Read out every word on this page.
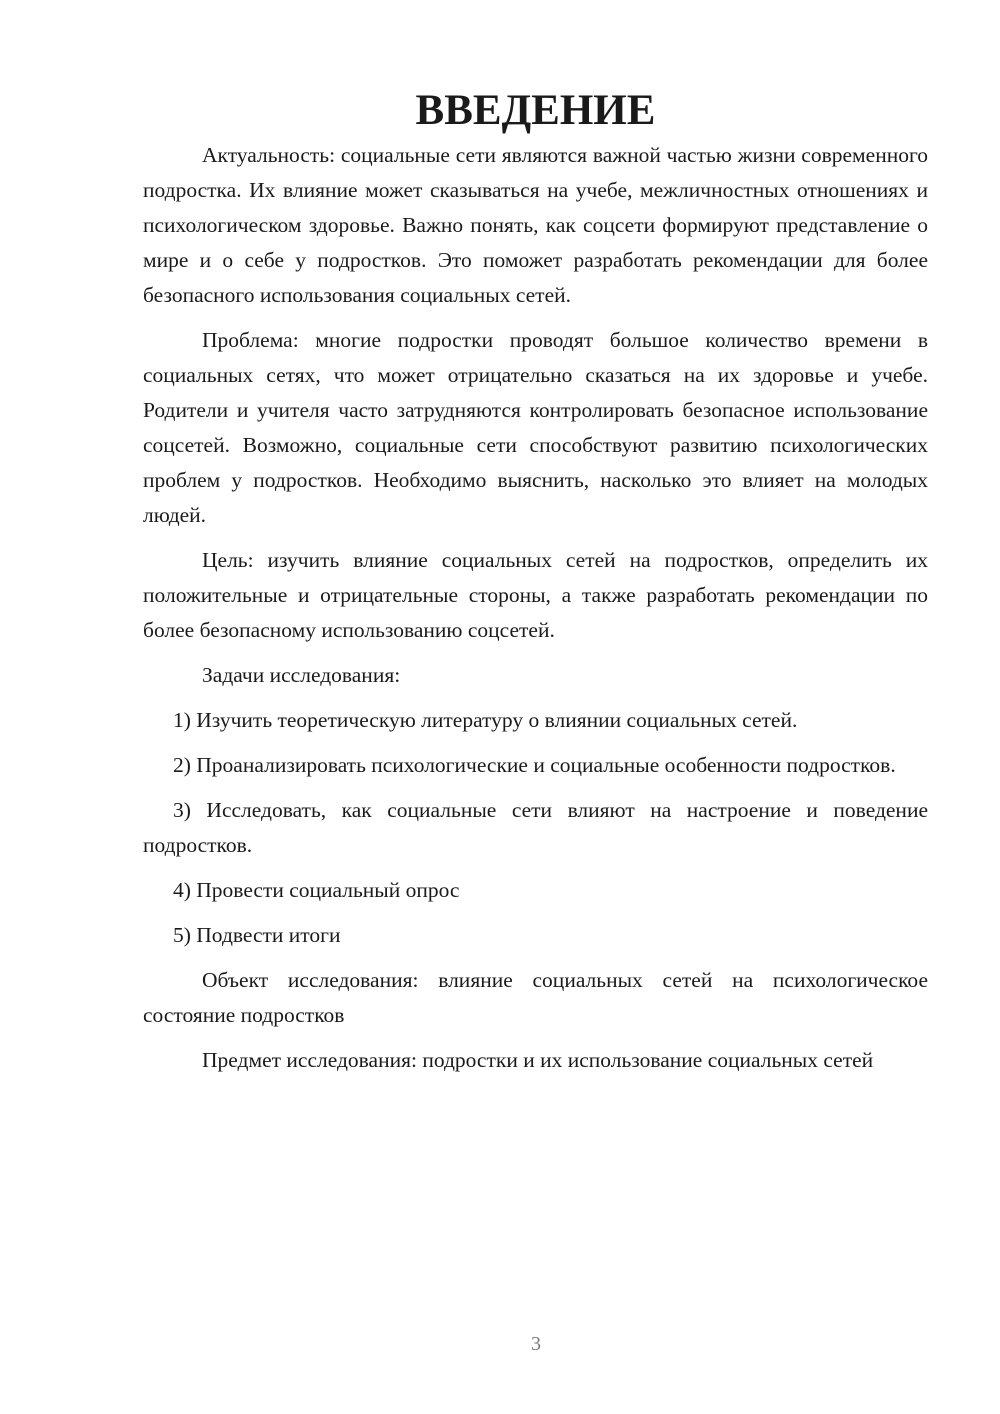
ВВЕДЕНИЕ

Актуальность: социальные сети являются важной частью жизни современного подростка. Их влияние может сказываться на учебе, межличностных отношениях и психологическом здоровье. Важно понять, как соцсети формируют представление о мире и о себе у подростков. Это поможет разработать рекомендации для более безопасного использования социальных сетей.

Проблема: многие подростки проводят большое количество времени в социальных сетях, что может отрицательно сказаться на их здоровье и учебе. Родители и учителя часто затрудняются контролировать безопасное использование соцсетей. Возможно, социальные сети способствуют развитию психологических проблем у подростков. Необходимо выяснить, насколько это влияет на молодых людей.

Цель: изучить влияние социальных сетей на подростков, определить их положительные и отрицательные стороны, а также разработать рекомендации по более безопасному использованию соцсетей.

Задачи исследования:

1) Изучить теоретическую литературу о влиянии социальных сетей.

2) Проанализировать психологические и социальные особенности подростков.

3) Исследовать, как социальные сети влияют на настроение и поведение подростков.

4) Провести социальный опрос

5) Подвести итоги

Объект исследования: влияние социальных сетей на психологическое состояние подростков

Предмет исследования: подростки и их использование социальных сетей

3
